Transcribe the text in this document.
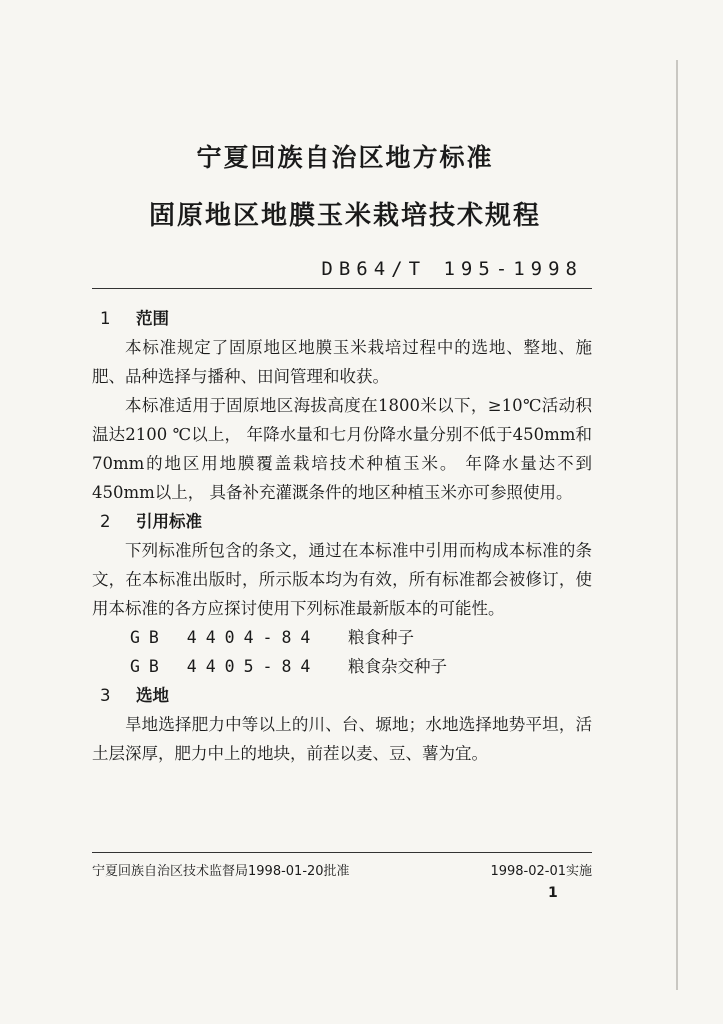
宁夏回族自治区地方标准
固原地区地膜玉米栽培技术规程
DB64/T 195-1998
1 范围
本标准规定了固原地区地膜玉米栽培过程中的选地、整地、施肥、品种选择与播种、田间管理和收获。
本标准适用于固原地区海拔高度在1800米以下，≥10℃活动积温达2100 ℃以上， 年降水量和七月份降水量分别不低于450mm和70mm的地区用地膜覆盖栽培技术种植玉米。 年降水量达不到450mm以上， 具备补充灌溉条件的地区种植玉米亦可参照使用。
2 引用标准
下列标准所包含的条文，通过在本标准中引用而构成本标准的条文，在本标准出版时，所示版本均为有效，所有标准都会被修订，使用本标准的各方应探讨使用下列标准最新版本的可能性。
GB 4404-84	粮食种子
GB 4405-84	粮食杂交种子
3 选地
旱地选择肥力中等以上的川、台、塬地；水地选择地势平坦，活土层深厚，肥力中上的地块，前茬以麦、豆、薯为宜。
宁夏回族自治区技术监督局1998-01-20批准	1998-02-01实施
1
